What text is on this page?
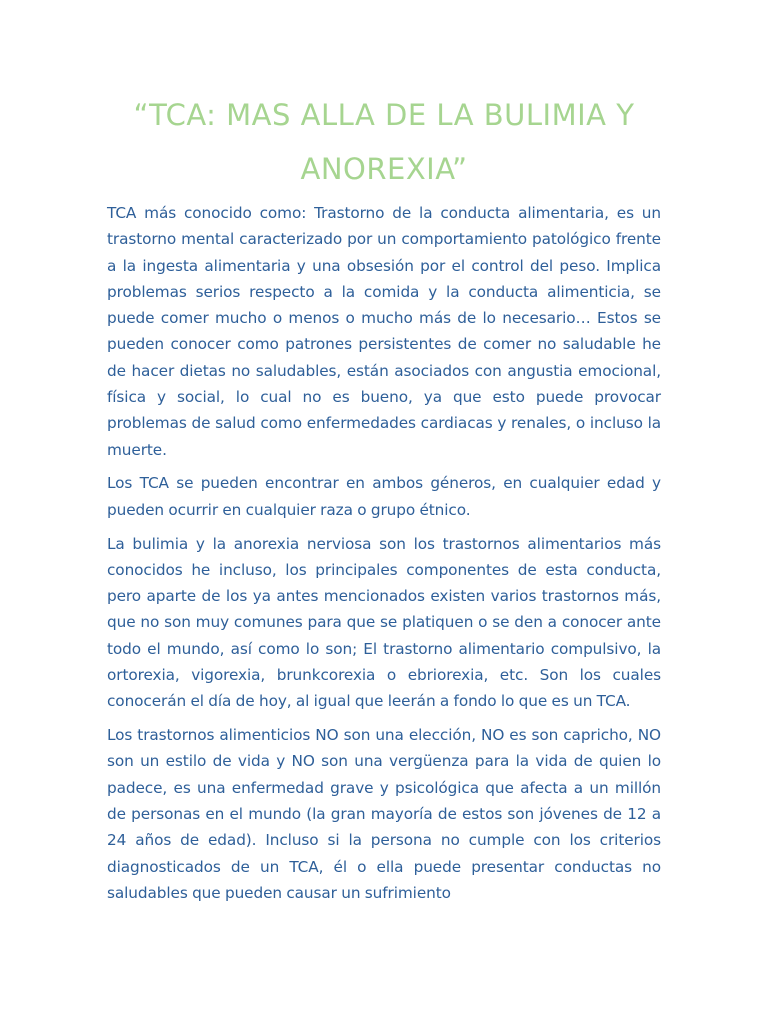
“TCA: MAS ALLA DE LA BULIMIA Y ANOREXIA”

TCA más conocido como: Trastorno de la conducta alimentaria, es un trastorno mental caracterizado por un comportamiento patológico frente a la ingesta alimentaria y una obsesión por el control del peso. Implica problemas serios respecto a la comida y la conducta alimenticia, se puede comer mucho o menos o mucho más de lo necesario… Estos se pueden conocer como patrones persistentes de comer no saludable he de hacer dietas no saludables, están asociados con angustia emocional, física y social, lo cual no es bueno, ya que esto puede provocar problemas de salud como enfermedades cardiacas y renales, o incluso la muerte.

Los TCA se pueden encontrar en ambos géneros, en cualquier edad y pueden ocurrir en cualquier raza o grupo étnico.

La bulimia y la anorexia nerviosa son los trastornos alimentarios más conocidos he incluso, los principales componentes de esta conducta, pero aparte de los ya antes mencionados existen varios trastornos más, que no son muy comunes para que se platiquen o se den a conocer ante todo el mundo, así como lo son; El trastorno alimentario compulsivo, la ortorexia, vigorexia, brunkcorexia o ebriorexia, etc. Son los cuales conocerán el día de hoy, al igual que leerán a fondo lo que es un TCA.

Los trastornos alimenticios NO son una elección, NO es son capricho, NO son un estilo de vida y NO son una vergüenza para la vida de quien lo padece, es una enfermedad grave y psicológica que afecta a un millón de personas en el mundo (la gran mayoría de estos son jóvenes de 12 a 24 años de edad). Incluso si la persona no cumple con los criterios diagnosticados de un TCA, él o ella puede presentar conductas no saludables que pueden causar un sufrimiento
